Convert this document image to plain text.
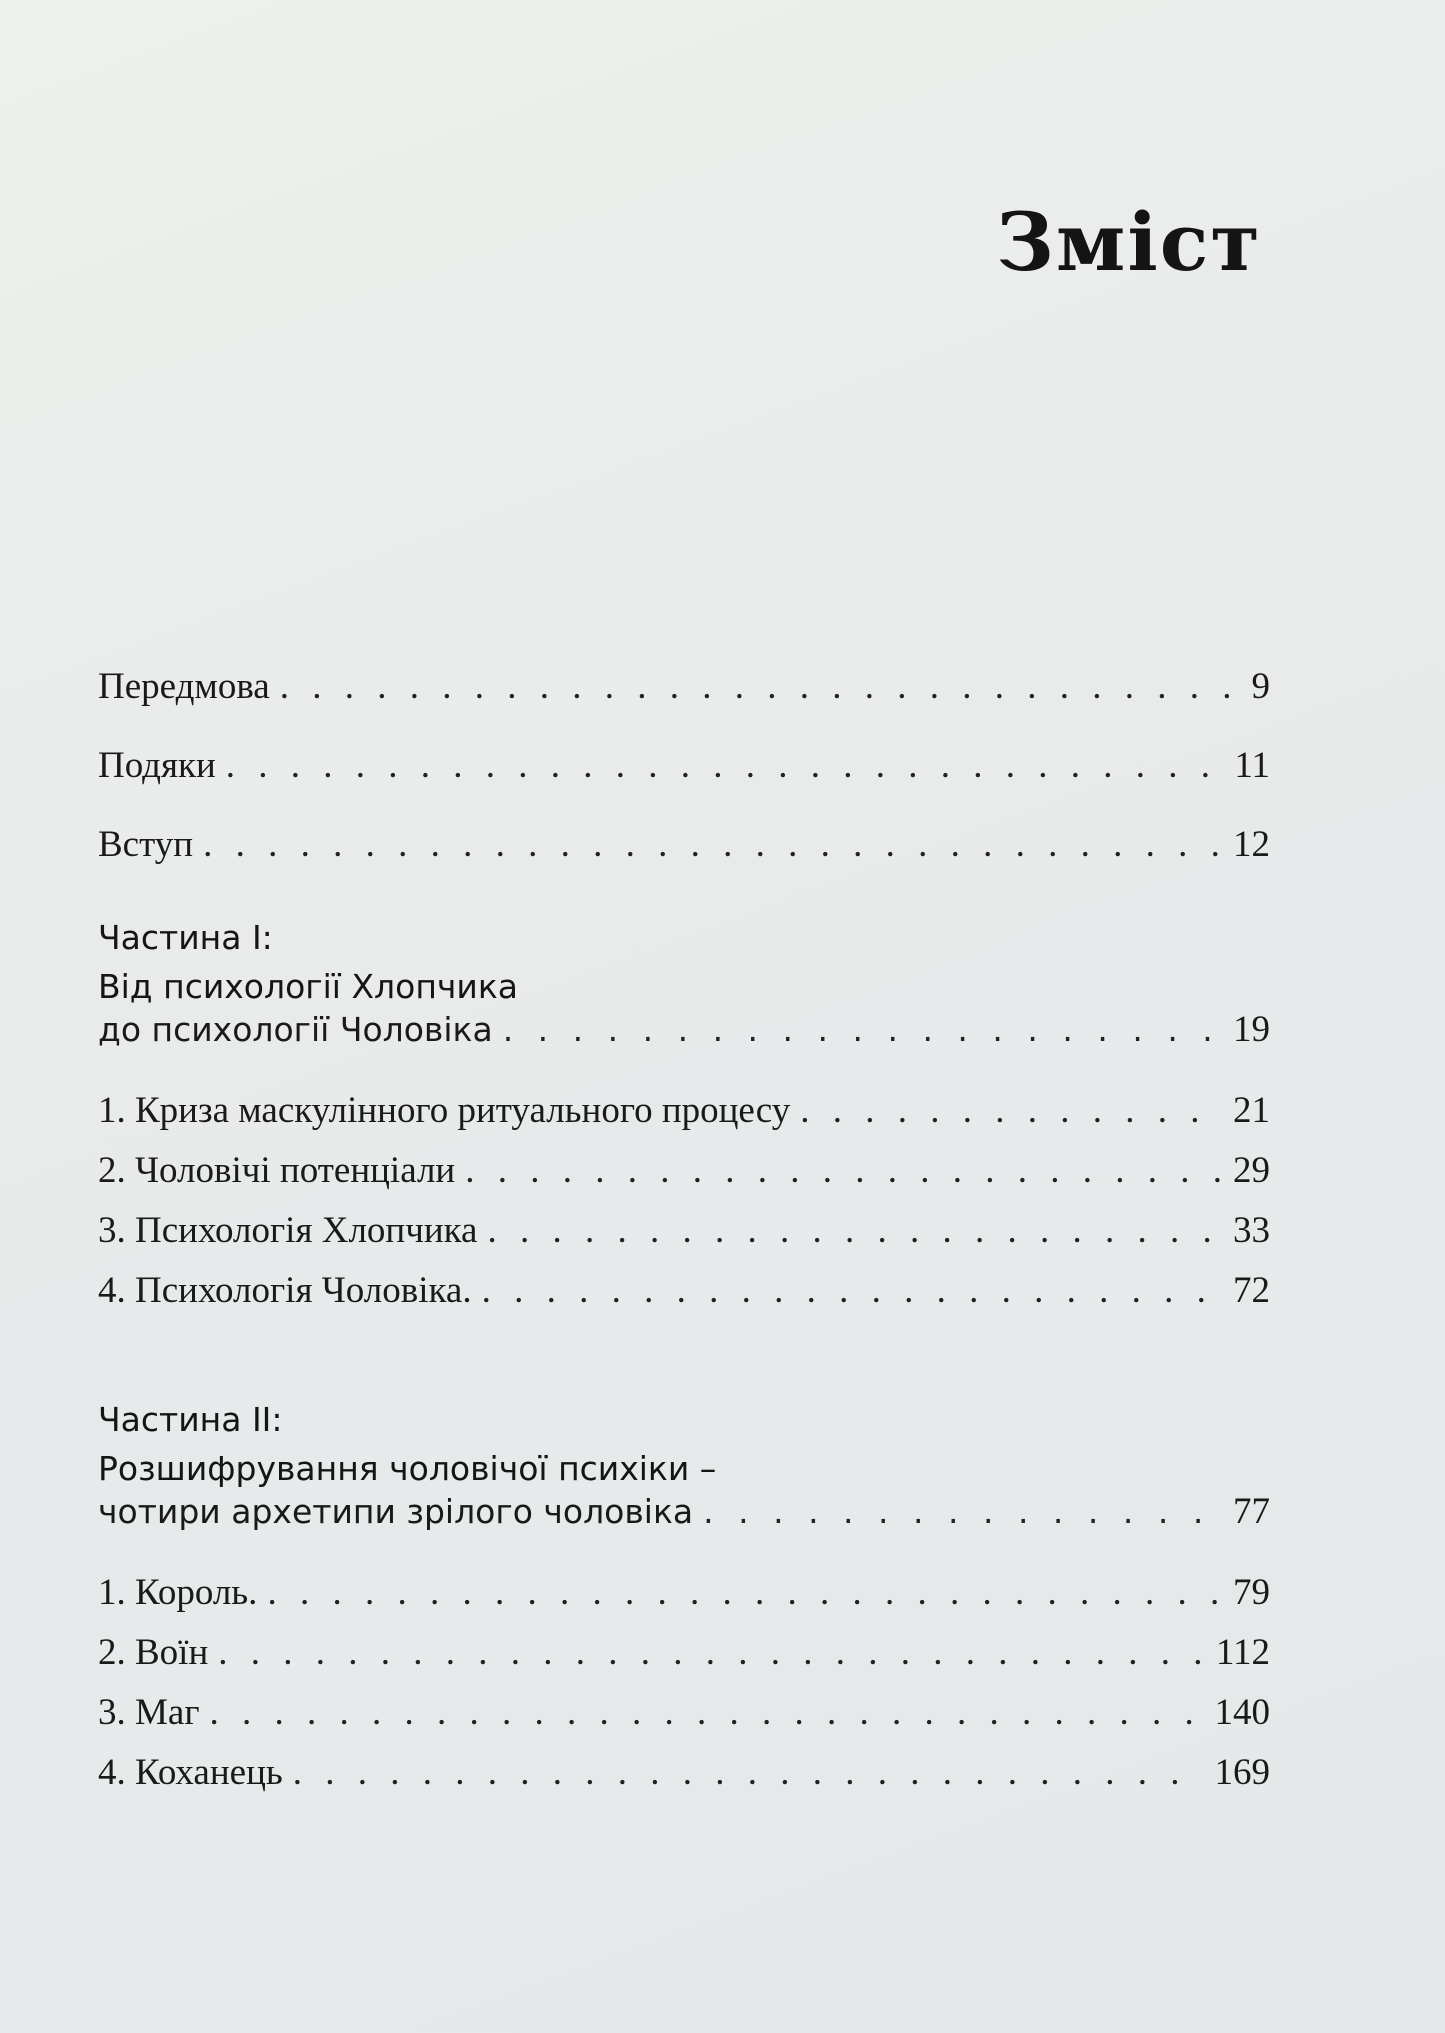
Зміст
Передмова . . .	9
Подяки . . .	11
Вступ . . .	12
Частина I:
Від психології Хлопчика
до психології Чоловіка . . .	19
1. Криза маскулінного ритуального процесу . . .	21
2. Чоловічі потенціали . . .	29
3. Психологія Хлопчика . . .	33
4. Психологія Чоловіка. . . .	72
Частина II:
Розшифрування чоловічої психіки –
чотири архетипи зрілого чоловіка . . .	77
1. Король. . . .	79
2. Воїн . . .	112
3. Маг . . .	140
4. Коханець . . .	169
